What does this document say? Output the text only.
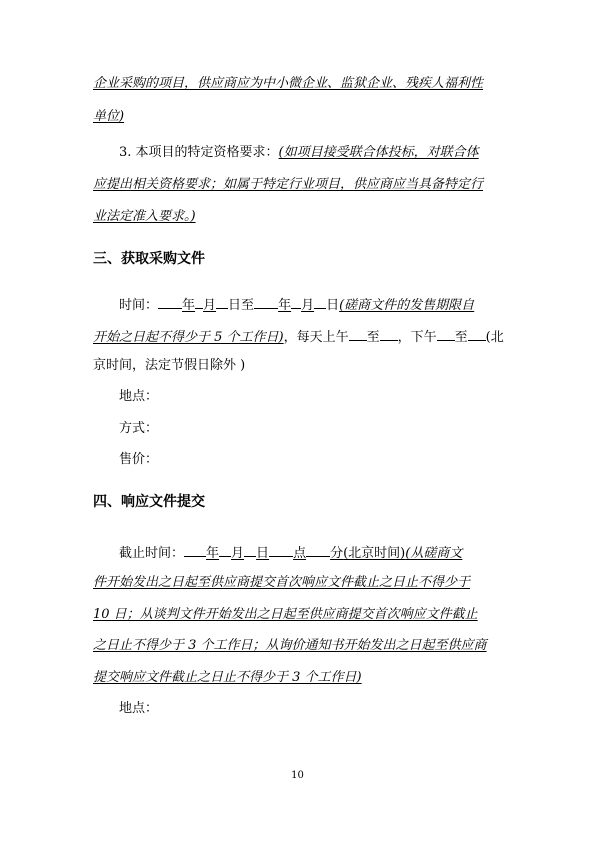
企业采购的项目，供应商应为中小微企业、监狱企业、残疾人福利性
单位)
3. 本项目的特定资格要求：(如项目接受联合体投标，对联合体
应提出相关资格要求；如属于特定行业项目，供应商应当具备特定行
业法定准入要求。)
三、获取采购文件
时间： 年 月 日至 年 月 日(磋商文件的发售期限自
开始之日起不得少于 5 个工作日)，每天上午 至 ，下午 至 (北
京时间，法定节假日除外 )
地点：
方式：
售价：
四、响应文件提交
截止时间： 年 月 日 点 分(北京时间)(从磋商文
件开始发出之日起至供应商提交首次响应文件截止之日止不得少于
10 日；从谈判文件开始发出之日起至供应商提交首次响应文件截止
之日止不得少于 3 个工作日；从询价通知书开始发出之日起至供应商
提交响应文件截止之日止不得少于 3 个工作日)
地点：
10
